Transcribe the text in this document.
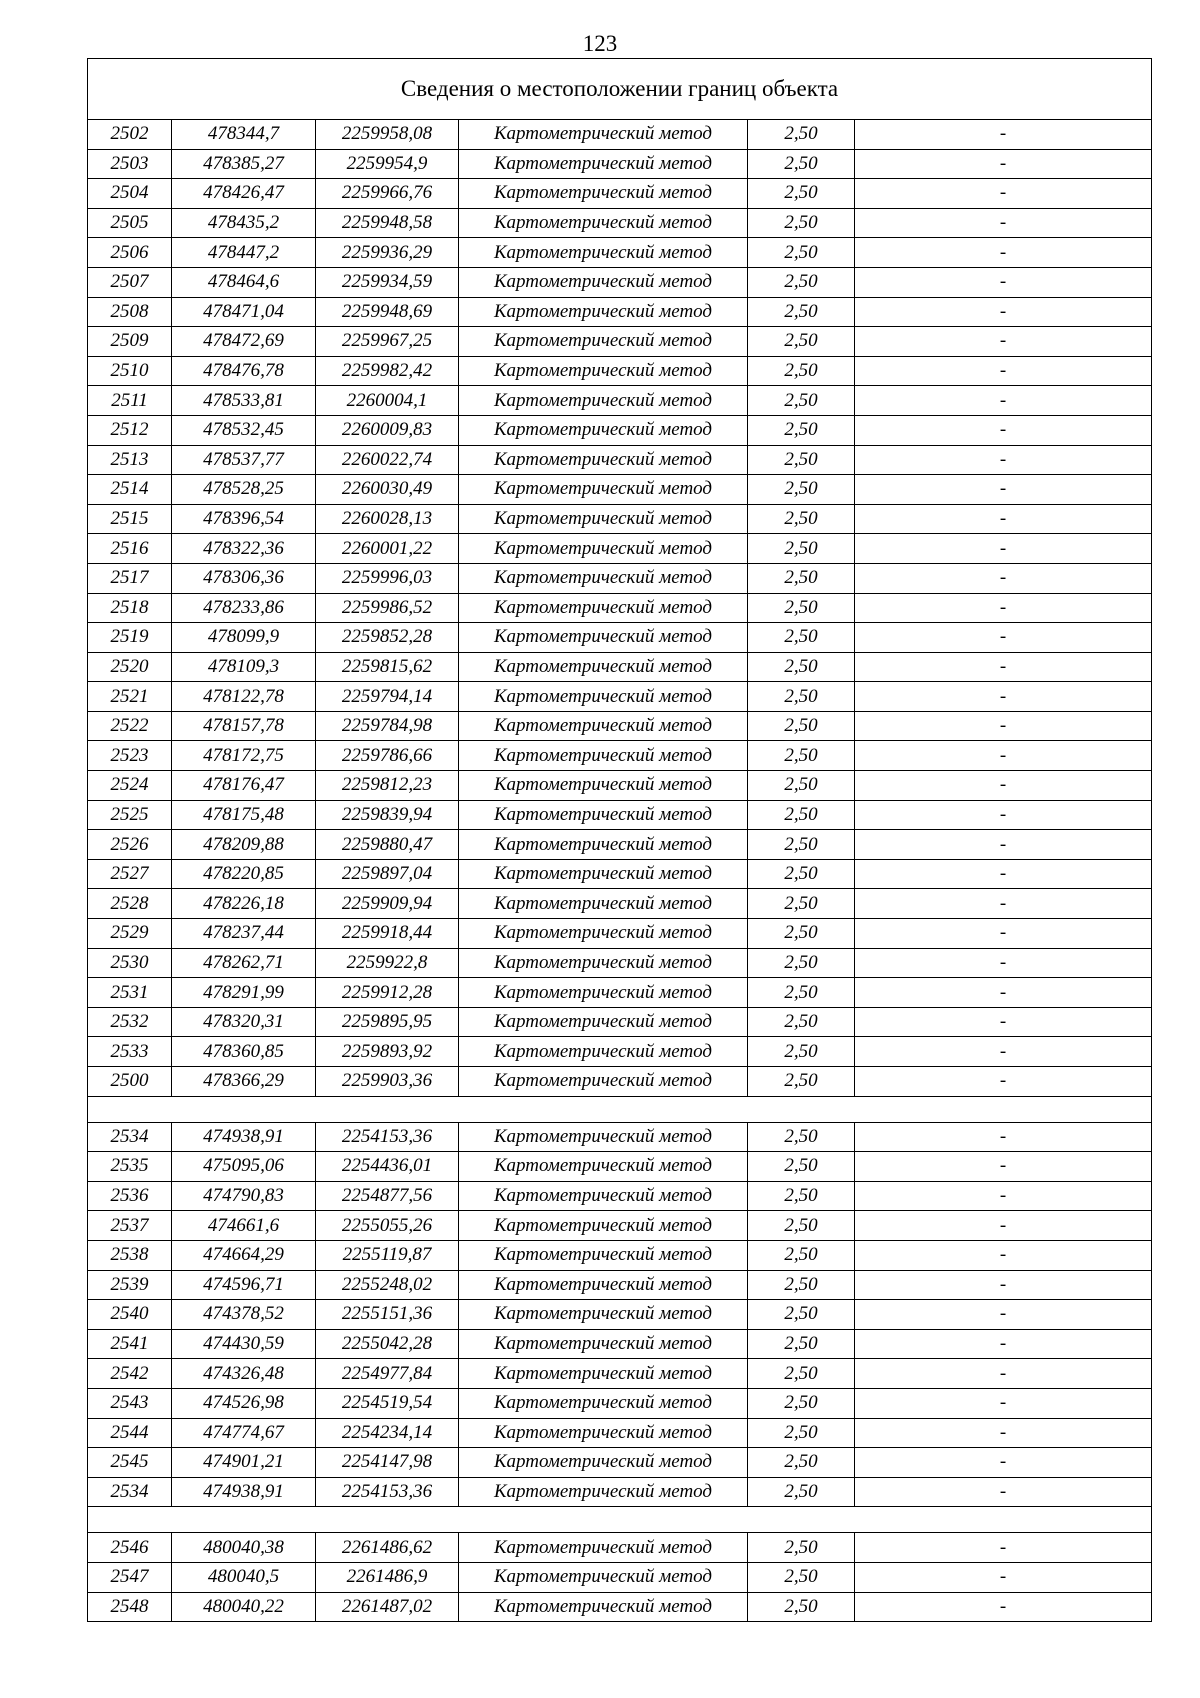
123
Сведения о местоположении границ объекта					
2502	478344,7	2259958,08	Картометрический метод	2,50	-
2503	478385,27	2259954,9	Картометрический метод	2,50	-
2504	478426,47	2259966,76	Картометрический метод	2,50	-
2505	478435,2	2259948,58	Картометрический метод	2,50	-
2506	478447,2	2259936,29	Картометрический метод	2,50	-
2507	478464,6	2259934,59	Картометрический метод	2,50	-
2508	478471,04	2259948,69	Картометрический метод	2,50	-
2509	478472,69	2259967,25	Картометрический метод	2,50	-
2510	478476,78	2259982,42	Картометрический метод	2,50	-
2511	478533,81	2260004,1	Картометрический метод	2,50	-
2512	478532,45	2260009,83	Картометрический метод	2,50	-
2513	478537,77	2260022,74	Картометрический метод	2,50	-
2514	478528,25	2260030,49	Картометрический метод	2,50	-
2515	478396,54	2260028,13	Картометрический метод	2,50	-
2516	478322,36	2260001,22	Картометрический метод	2,50	-
2517	478306,36	2259996,03	Картометрический метод	2,50	-
2518	478233,86	2259986,52	Картометрический метод	2,50	-
2519	478099,9	2259852,28	Картометрический метод	2,50	-
2520	478109,3	2259815,62	Картометрический метод	2,50	-
2521	478122,78	2259794,14	Картометрический метод	2,50	-
2522	478157,78	2259784,98	Картометрический метод	2,50	-
2523	478172,75	2259786,66	Картометрический метод	2,50	-
2524	478176,47	2259812,23	Картометрический метод	2,50	-
2525	478175,48	2259839,94	Картометрический метод	2,50	-
2526	478209,88	2259880,47	Картометрический метод	2,50	-
2527	478220,85	2259897,04	Картометрический метод	2,50	-
2528	478226,18	2259909,94	Картометрический метод	2,50	-
2529	478237,44	2259918,44	Картометрический метод	2,50	-
2530	478262,71	2259922,8	Картометрический метод	2,50	-
2531	478291,99	2259912,28	Картометрический метод	2,50	-
2532	478320,31	2259895,95	Картометрический метод	2,50	-
2533	478360,85	2259893,92	Картометрический метод	2,50	-
2500	478366,29	2259903,36	Картометрический метод	2,50	-

2534	474938,91	2254153,36	Картометрический метод	2,50	-
2535	475095,06	2254436,01	Картометрический метод	2,50	-
2536	474790,83	2254877,56	Картометрический метод	2,50	-
2537	474661,6	2255055,26	Картометрический метод	2,50	-
2538	474664,29	2255119,87	Картометрический метод	2,50	-
2539	474596,71	2255248,02	Картометрический метод	2,50	-
2540	474378,52	2255151,36	Картометрический метод	2,50	-
2541	474430,59	2255042,28	Картометрический метод	2,50	-
2542	474326,48	2254977,84	Картометрический метод	2,50	-
2543	474526,98	2254519,54	Картометрический метод	2,50	-
2544	474774,67	2254234,14	Картометрический метод	2,50	-
2545	474901,21	2254147,98	Картометрический метод	2,50	-
2534	474938,91	2254153,36	Картометрический метод	2,50	-

2546	480040,38	2261486,62	Картометрический метод	2,50	-
2547	480040,5	2261486,9	Картометрический метод	2,50	-
2548	480040,22	2261487,02	Картометрический метод	2,50	-
